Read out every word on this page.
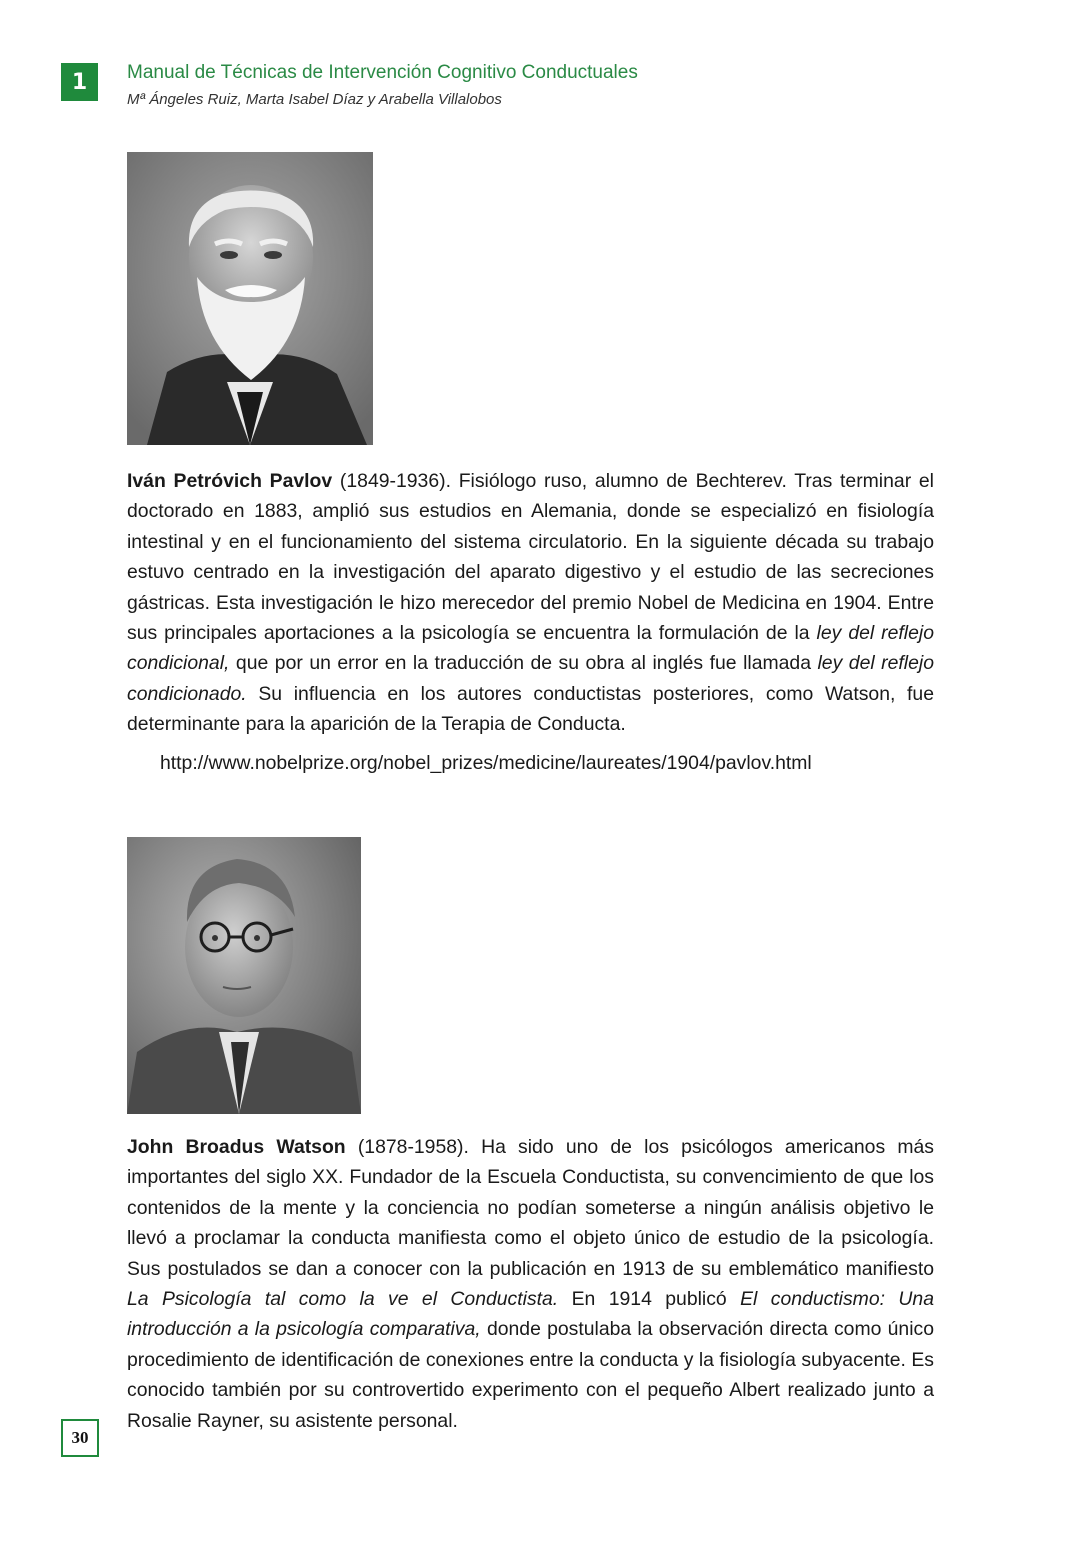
1	Manual de Técnicas de Intervención Cognitivo Conductuales
Mª Ángeles Ruiz, Marta Isabel Díaz y Arabella Villalobos
Iván Petróvich Pavlov (1849-1936). Fisiólogo ruso, alumno de Bechterev. Tras terminar el doctorado en 1883, amplió sus estudios en Alemania, donde se especializó en fisiología intestinal y en el funcionamiento del sistema circulatorio. En la siguiente década su trabajo estuvo centrado en la investigación del aparato digestivo y el estudio de las secreciones gástricas. Esta investigación le hizo merecedor del premio Nobel de Medicina en 1904. Entre sus principales aportaciones a la psicología se encuentra la formulación de la ley del reflejo condicional, que por un error en la traducción de su obra al inglés fue llamada ley del reflejo condicionado. Su influencia en los autores conductistas posteriores, como Watson, fue determinante para la aparición de la Terapia de Conducta.
http://www.nobelprize.org/nobel_prizes/medicine/laureates/1904/pavlov.html
John Broadus Watson (1878-1958). Ha sido uno de los psicólogos americanos más importantes del siglo XX. Fundador de la Escuela Conductista, su convencimiento de que los contenidos de la mente y la conciencia no podían someterse a ningún análisis objetivo le llevó a proclamar la conducta manifiesta como el objeto único de estudio de la psicología. Sus postulados se dan a conocer con la publicación en 1913 de su emblemático manifiesto La Psicología tal como la ve el Conductista. En 1914 publicó El conductismo: Una introducción a la psicología comparativa, donde postulaba la observación directa como único procedimiento de identificación de conexiones entre la conducta y la fisiología subyacente. Es conocido también por su controvertido experimento con el pequeño Albert realizado junto a Rosalie Rayner, su asistente personal.
30
